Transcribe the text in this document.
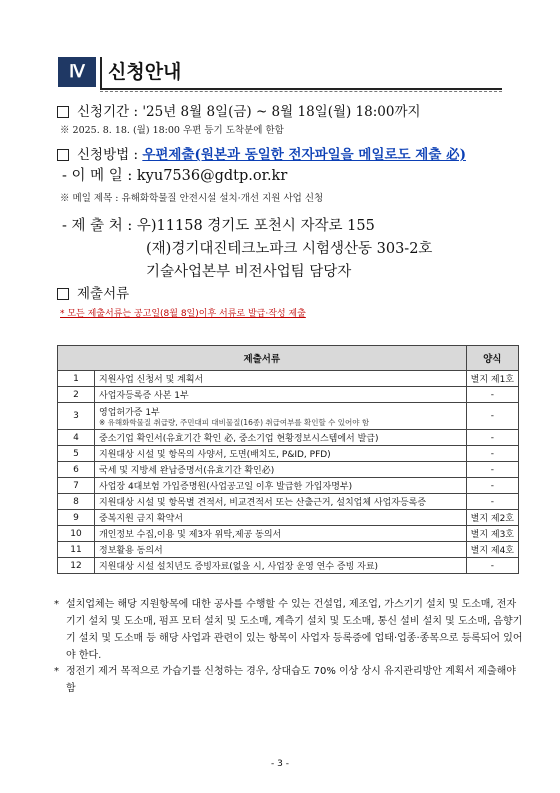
Ⅳ	신청안내
신청기간 : '25년 8월 8일(금) ~ 8월 18일(월) 18:00까지
※ 2025. 8. 18. (월) 18:00 우편 등기 도착분에 한함
신청방법 : 우편제출(원본과 동일한 전자파일을 메일로도 제출 必)
- 이 메 일 : kyu7536@gdtp.or.kr
※ 메일 제목 : 유해화학물질 안전시설 설치·개선 지원 사업 신청
- 제 출 처 : 우)11158 경기도 포천시 자작로 155
(재)경기대진테크노파크 시험생산동 303-2호
기술사업본부 비전사업팀 담당자
제출서류
* 모든 제출서류는 공고일(8월 8일)이후 서류로 발급·작성 제출
제출서류		양식
1	지원사업 신청서 및 계획서	별지 제1호
2	사업자등록증 사본 1부	-
3	영업허가증 1부
※ 유해화학물질 취급량, 주민대피 대비물질(16종) 취급여부를 확인할 수 있어야 함	-
4	중소기업 확인서(유효기간 확인 必, 중소기업 현황정보시스템에서 발급)	-
5	지원대상 시설 및 항목의 사양서, 도면(배치도, P&ID, PFD)	-
6	국세 및 지방세 완납증명서(유효기간 확인必)	-
7	사업장 4대보험 가입증명원(사업공고일 이후 발급한 가입자명부)	-
8	지원대상 시설 및 항목별 견적서, 비교견적서 또는 산출근거, 설치업체 사업자등록증	-
9	중복지원 금지 확약서	별지 제2호
10	개인정보 수집,이용 및 제3자 위탁,제공 동의서	별지 제3호
11	정보활용 동의서	별지 제4호
12	지원대상 시설 설치년도 증빙자료(없을 시, 사업장 운영 연수 증빙 자료)	-
* 설치업체는 해당 지원항목에 대한 공사를 수행할 수 있는 건설업, 제조업, 가스기기 설치 및 도소매, 전자기기 설치 및 도소매, 펌프 모터 설치 및 도소매, 계측기 설치 및 도소매, 통신 설비 설치 및 도소매, 음향기기 설치 및 도소매 등 해당 사업과 관련이 있는 항목이 사업자 등록증에 업태·업종·종목으로 등록되어 있어야 한다.
* 정전기 제거 목적으로 가습기를 신청하는 경우, 상대습도 70% 이상 상시 유지관리방안 계획서 제출해야 함
- 3 -
